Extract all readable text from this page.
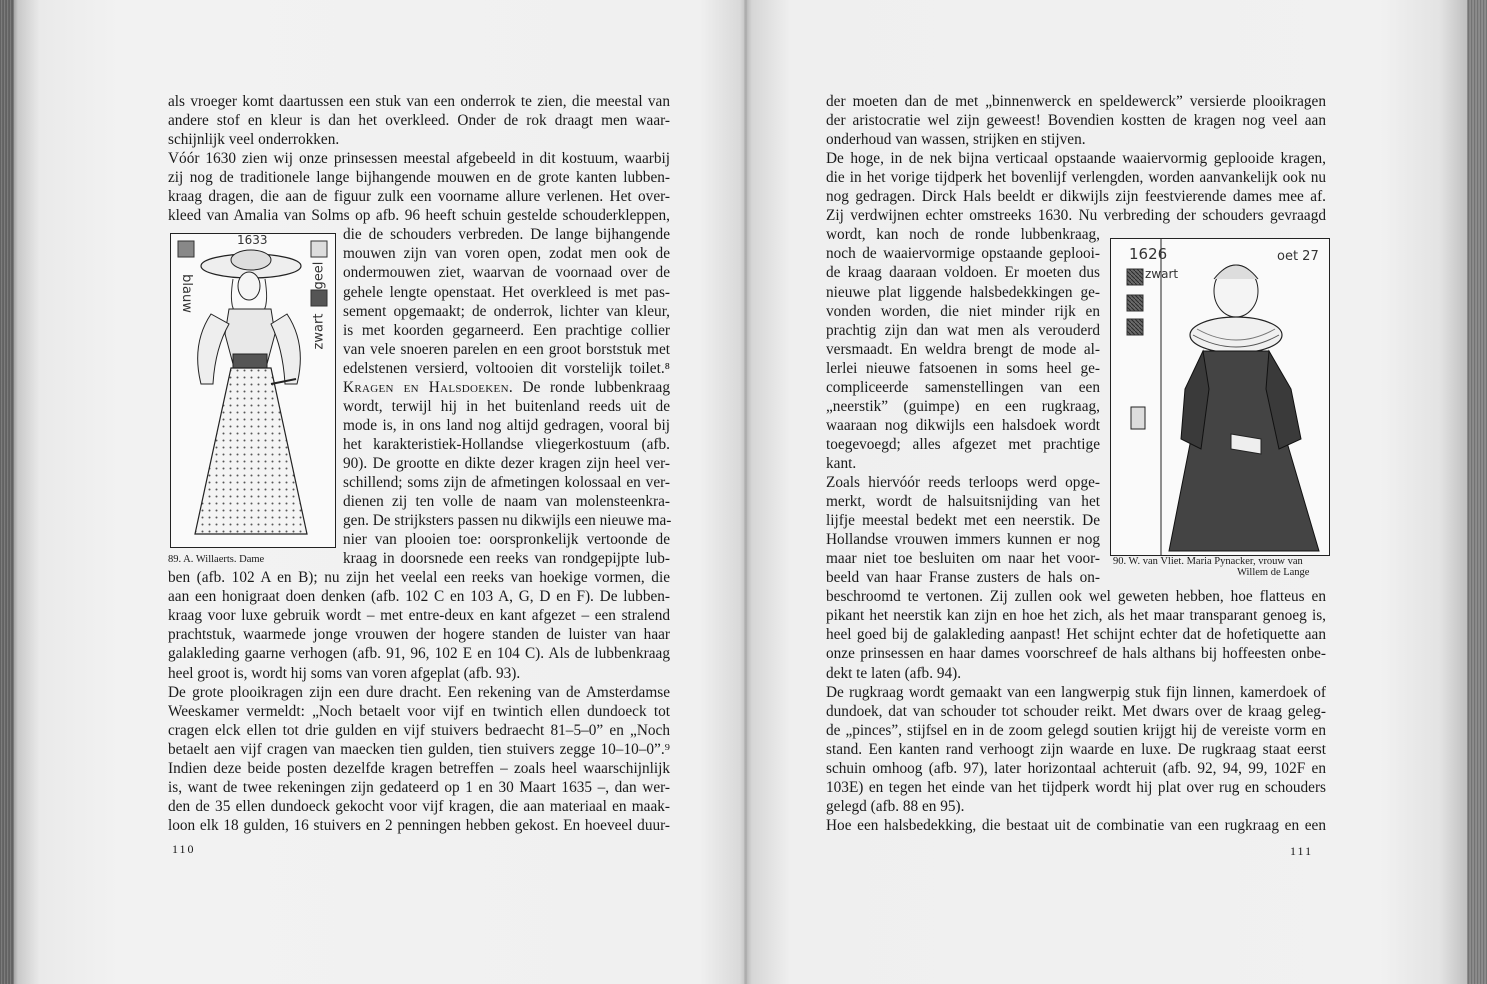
1633
blauw	geel
zwart
89. A. Willaerts. Dame
110
1626	oet 27
zwart
90. W. van Vliet. Maria Pynacker, vrouw van
Willem de Lange
111
als vroeger komt daartussen een stuk van een onderrok te zien, die meestal van
andere stof en kleur is dan het overkleed. Onder de rok draagt men waar-
schijnlijk veel onderrokken.
Vóór 1630 zien wij onze prinsessen meestal afgebeeld in dit kostuum, waarbij
zij nog de traditionele lange bijhangende mouwen en de grote kanten lubben-
kraag dragen, die aan de figuur zulk een voorname allure verlenen. Het over-
kleed van Amalia van Solms op afb. 96 heeft schuin gestelde schouderkleppen,
die de schouders verbreden. De lange bijhangende
mouwen zijn van voren open, zodat men ook de
ondermouwen ziet, waarvan de voornaad over de
gehele lengte openstaat. Het overkleed is met pas-
sement opgemaakt; de onderrok, lichter van kleur,
is met koorden gegarneerd. Een prachtige collier
van vele snoeren parelen en een groot borststuk met
edelstenen versierd, voltooien dit vorstelijk toilet.⁸
Kragen en Halsdoeken. De ronde lubbenkraag
wordt, terwijl hij in het buitenland reeds uit de
mode is, in ons land nog altijd gedragen, vooral bij
het karakteristiek-Hollandse vliegerkostuum (afb.
90). De grootte en dikte dezer kragen zijn heel ver-
schillend; soms zijn de afmetingen kolossaal en ver-
dienen zij ten volle de naam van molensteenkra-
gen. De strijksters passen nu dikwijls een nieuwe ma-
nier van plooien toe: oorspronkelijk vertoonde de
kraag in doorsnede een reeks van rondgepijpte lub-
ben (afb. 102 A en B); nu zijn het veelal een reeks van hoekige vormen, die
aan een honigraat doen denken (afb. 102 C en 103 A, G, D en F). De lubben-
kraag voor luxe gebruik wordt – met entre-deux en kant afgezet – een stralend
prachtstuk, waarmede jonge vrouwen der hogere standen de luister van haar
galakleding gaarne verhogen (afb. 91, 96, 102 E en 104 C). Als de lubbenkraag
heel groot is, wordt hij soms van voren afgeplat (afb. 93).
De grote plooikragen zijn een dure dracht. Een rekening van de Amsterdamse
Weeskamer vermeldt: „Noch betaelt voor vijf en twintich ellen dundoeck tot
cragen elck ellen tot drie gulden en vijf stuivers bedraecht 81–5–0” en „Noch
betaelt aen vijf cragen van maecken tien gulden, tien stuivers zegge 10–10–0”.⁹
Indien deze beide posten dezelfde kragen betreffen – zoals heel waarschijnlijk
is, want de twee rekeningen zijn gedateerd op 1 en 30 Maart 1635 –, dan wer-
den de 35 ellen dundoeck gekocht voor vijf kragen, die aan materiaal en maak-
loon elk 18 gulden, 16 stuivers en 2 penningen hebben gekost. En hoeveel duur-
der moeten dan de met „binnenwerck en speldewerck” versierde plooikragen
der aristocratie wel zijn geweest! Bovendien kostten de kragen nog veel aan
onderhoud van wassen, strijken en stijven.
De hoge, in de nek bijna verticaal opstaande waaiervormig geplooide kragen,
die in het vorige tijdperk het bovenlijf verlengden, worden aanvankelijk ook nu
nog gedragen. Dirck Hals beeldt er dikwijls zijn feestvierende dames mee af.
Zij verdwijnen echter omstreeks 1630. Nu verbreding der schouders gevraagd
wordt, kan noch de ronde lubbenkraag,
noch de waaiervormige opstaande geplooi-
de kraag daaraan voldoen. Er moeten dus
nieuwe plat liggende halsbedekkingen ge-
vonden worden, die niet minder rijk en
prachtig zijn dan wat men als verouderd
versmaadt. En weldra brengt de mode al-
lerlei nieuwe fatsoenen in soms heel ge-
compliceerde samenstellingen van een
„neerstik” (guimpe) en een rugkraag,
waaraan nog dikwijls een halsdoek wordt
toegevoegd; alles afgezet met prachtige
kant.
Zoals hiervóór reeds terloops werd opge-
merkt, wordt de halsuitsnijding van het
lijfje meestal bedekt met een neerstik. De
Hollandse vrouwen immers kunnen er nog
maar niet toe besluiten om naar het voor-
beeld van haar Franse zusters de hals on-
beschroomd te vertonen. Zij zullen ook wel geweten hebben, hoe flatteus en
pikant het neerstik kan zijn en hoe het zich, als het maar transparant genoeg is,
heel goed bij de galakleding aanpast! Het schijnt echter dat de hofetiquette aan
onze prinsessen en haar dames voorschreef de hals althans bij hoffeesten onbe-
dekt te laten (afb. 94).
De rugkraag wordt gemaakt van een langwerpig stuk fijn linnen, kamerdoek of
dundoek, dat van schouder tot schouder reikt. Met dwars over de kraag geleg-
de „pinces”, stijfsel en in de zoom gelegd soutien krijgt hij de vereiste vorm en
stand. Een kanten rand verhoogt zijn waarde en luxe. De rugkraag staat eerst
schuin omhoog (afb. 97), later horizontaal achteruit (afb. 92, 94, 99, 102F en
103E) en tegen het einde van het tijdperk wordt hij plat over rug en schouders
gelegd (afb. 88 en 95).
Hoe een halsbedekking, die bestaat uit de combinatie van een rugkraag en een
